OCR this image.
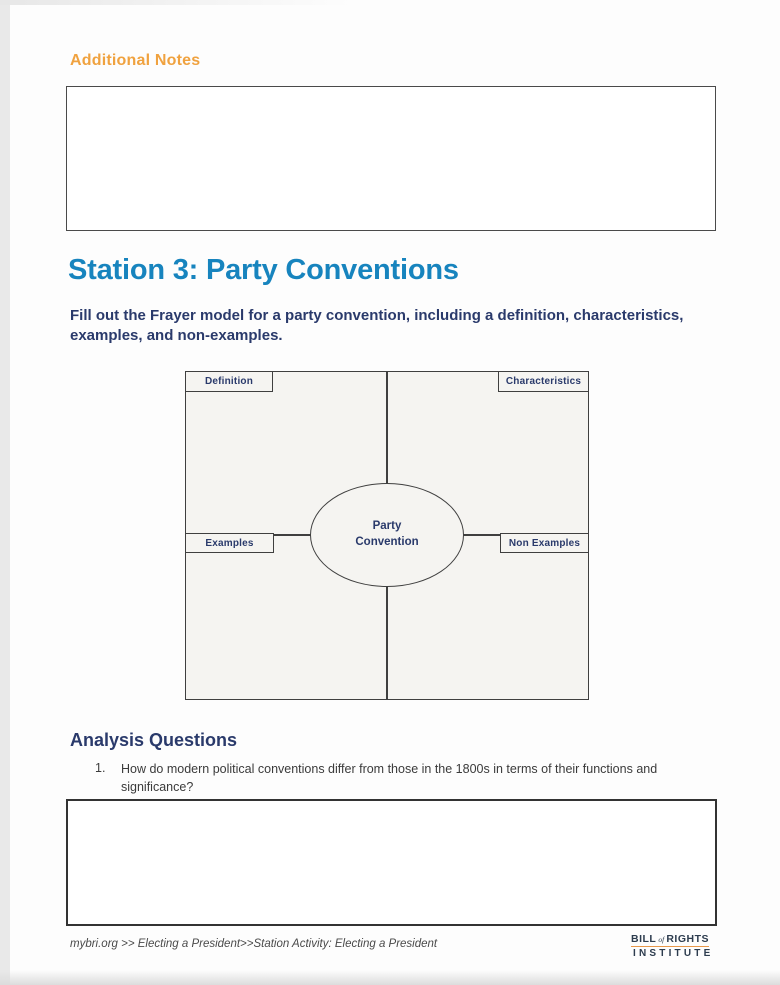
Additional Notes
Station 3: Party Conventions
Fill out the Frayer model for a party convention, including a definition, characteristics, examples, and non-examples.
Party
Convention
Definition	Characteristics
Examples	Non Examples
Analysis Questions
1.	How do modern political conventions differ from those in the 1800s in terms of their functions and significance?
mybri.org >> Electing a President>>Station Activity: Electing a President	BILL of RIGHTS
INSTITUTE
